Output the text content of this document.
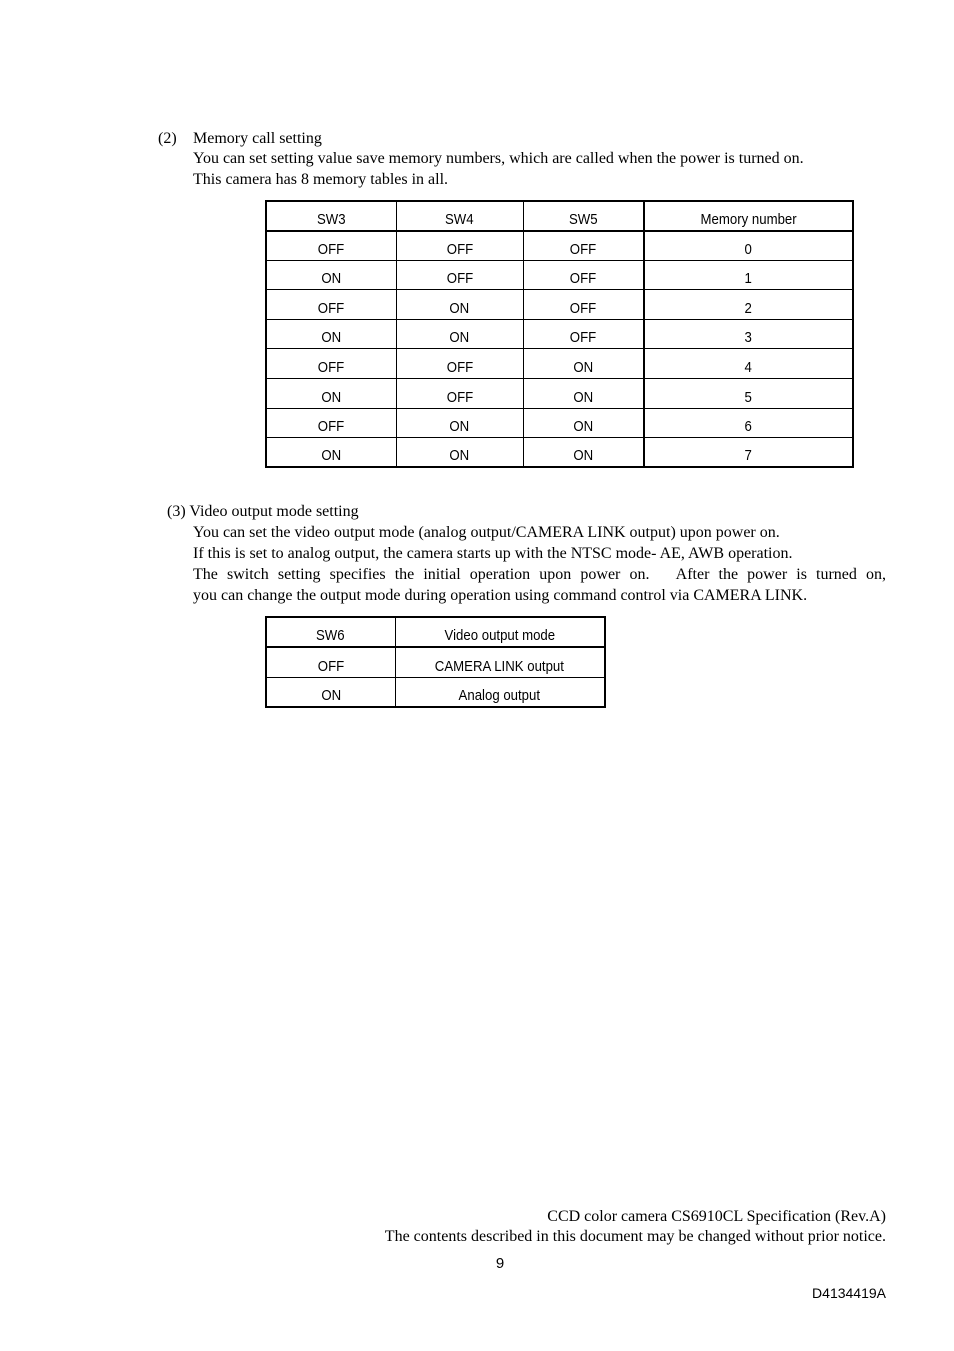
(2) Memory call setting
You can set setting value save memory numbers, which are called when the power is turned on.
This camera has 8 memory tables in all.
SW3	SW4	SW5	Memory number
OFF	OFF	OFF	0
ON	OFF	OFF	1
OFF	ON	OFF	2
ON	ON	OFF	3
OFF	OFF	ON	4
ON	OFF	ON	5
OFF	ON	ON	6
ON	ON	ON	7
(3) Video output mode setting
You can set the video output mode (analog output/CAMERA LINK output) upon power on.
If this is set to analog output, the camera starts up with the NTSC mode- AE, AWB operation.
The switch setting specifies the initial operation upon power on.　After the power is turned on,
you can change the output mode during operation using command control via CAMERA LINK.
SW6	Video output mode
OFF	CAMERA LINK output
ON	Analog output
CCD color camera CS6910CL Specification (Rev.A)
The contents described in this document may be changed without prior notice.
9
D4134419A
